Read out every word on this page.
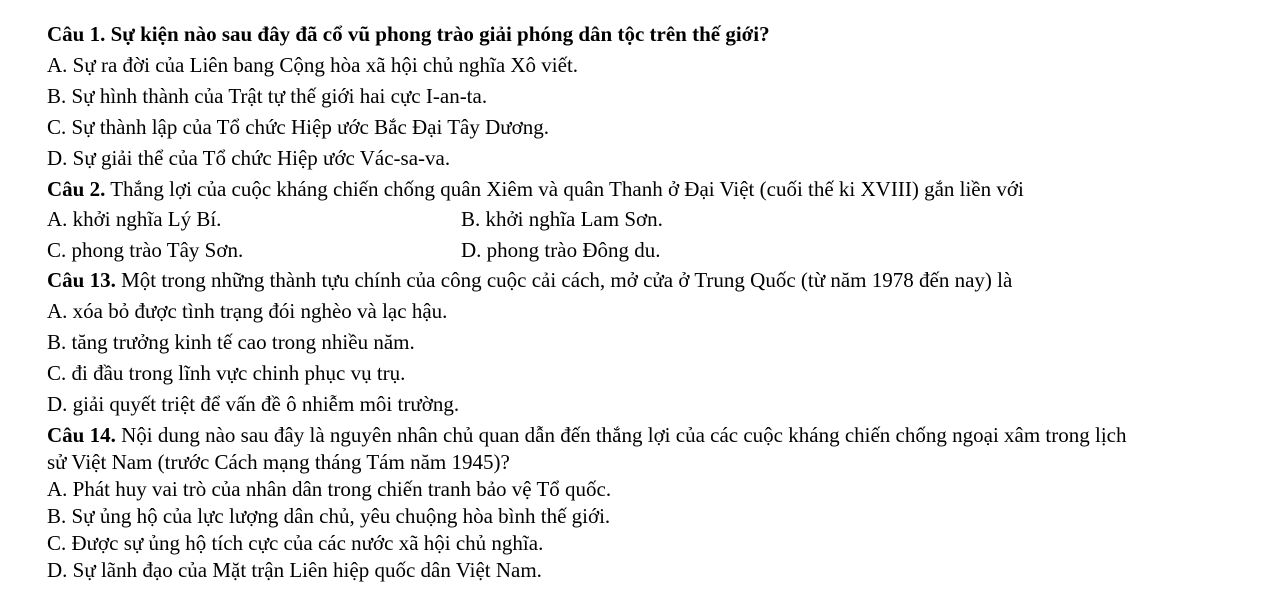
Câu 1. Sự kiện nào sau đây đã cổ vũ phong trào giải phóng dân tộc trên thế giới?
A. Sự ra đời của Liên bang Cộng hòa xã hội chủ nghĩa Xô viết.
B. Sự hình thành của Trật tự thế giới hai cực I-an-ta.
C. Sự thành lập của Tổ chức Hiệp ước Bắc Đại Tây Dương.
D. Sự giải thể của Tổ chức Hiệp ước Vác-sa-va.
Câu 2. Thắng lợi của cuộc kháng chiến chống quân Xiêm và quân Thanh ở Đại Việt (cuối thế ki XVIII) gắn liền với
A. khởi nghĩa Lý Bí.	B. khởi nghĩa Lam Sơn.
C. phong trào Tây Sơn.	D. phong trào Đông du.
Câu 13. Một trong những thành tựu chính của công cuộc cải cách, mở cửa ở Trung Quốc (từ năm 1978 đến nay) là
A. xóa bỏ được tình trạng đói nghèo và lạc hậu.
B. tăng trưởng kinh tế cao trong nhiều năm.
C. đi đầu trong lĩnh vực chinh phục vụ trụ.
D. giải quyết triệt để vấn đề ô nhiễm môi trường.
Câu 14. Nội dung nào sau đây là nguyên nhân chủ quan dẫn đến thắng lợi của các cuộc kháng chiến chống ngoại xâm trong lịch
sử Việt Nam (trước Cách mạng tháng Tám năm 1945)?
A. Phát huy vai trò của nhân dân trong chiến tranh bảo vệ Tổ quốc.
B. Sự ủng hộ của lực lượng dân chủ, yêu chuộng hòa bình thế giới.
C. Được sự ủng hộ tích cực của các nước xã hội chủ nghĩa.
D. Sự lãnh đạo của Mặt trận Liên hiệp quốc dân Việt Nam.
